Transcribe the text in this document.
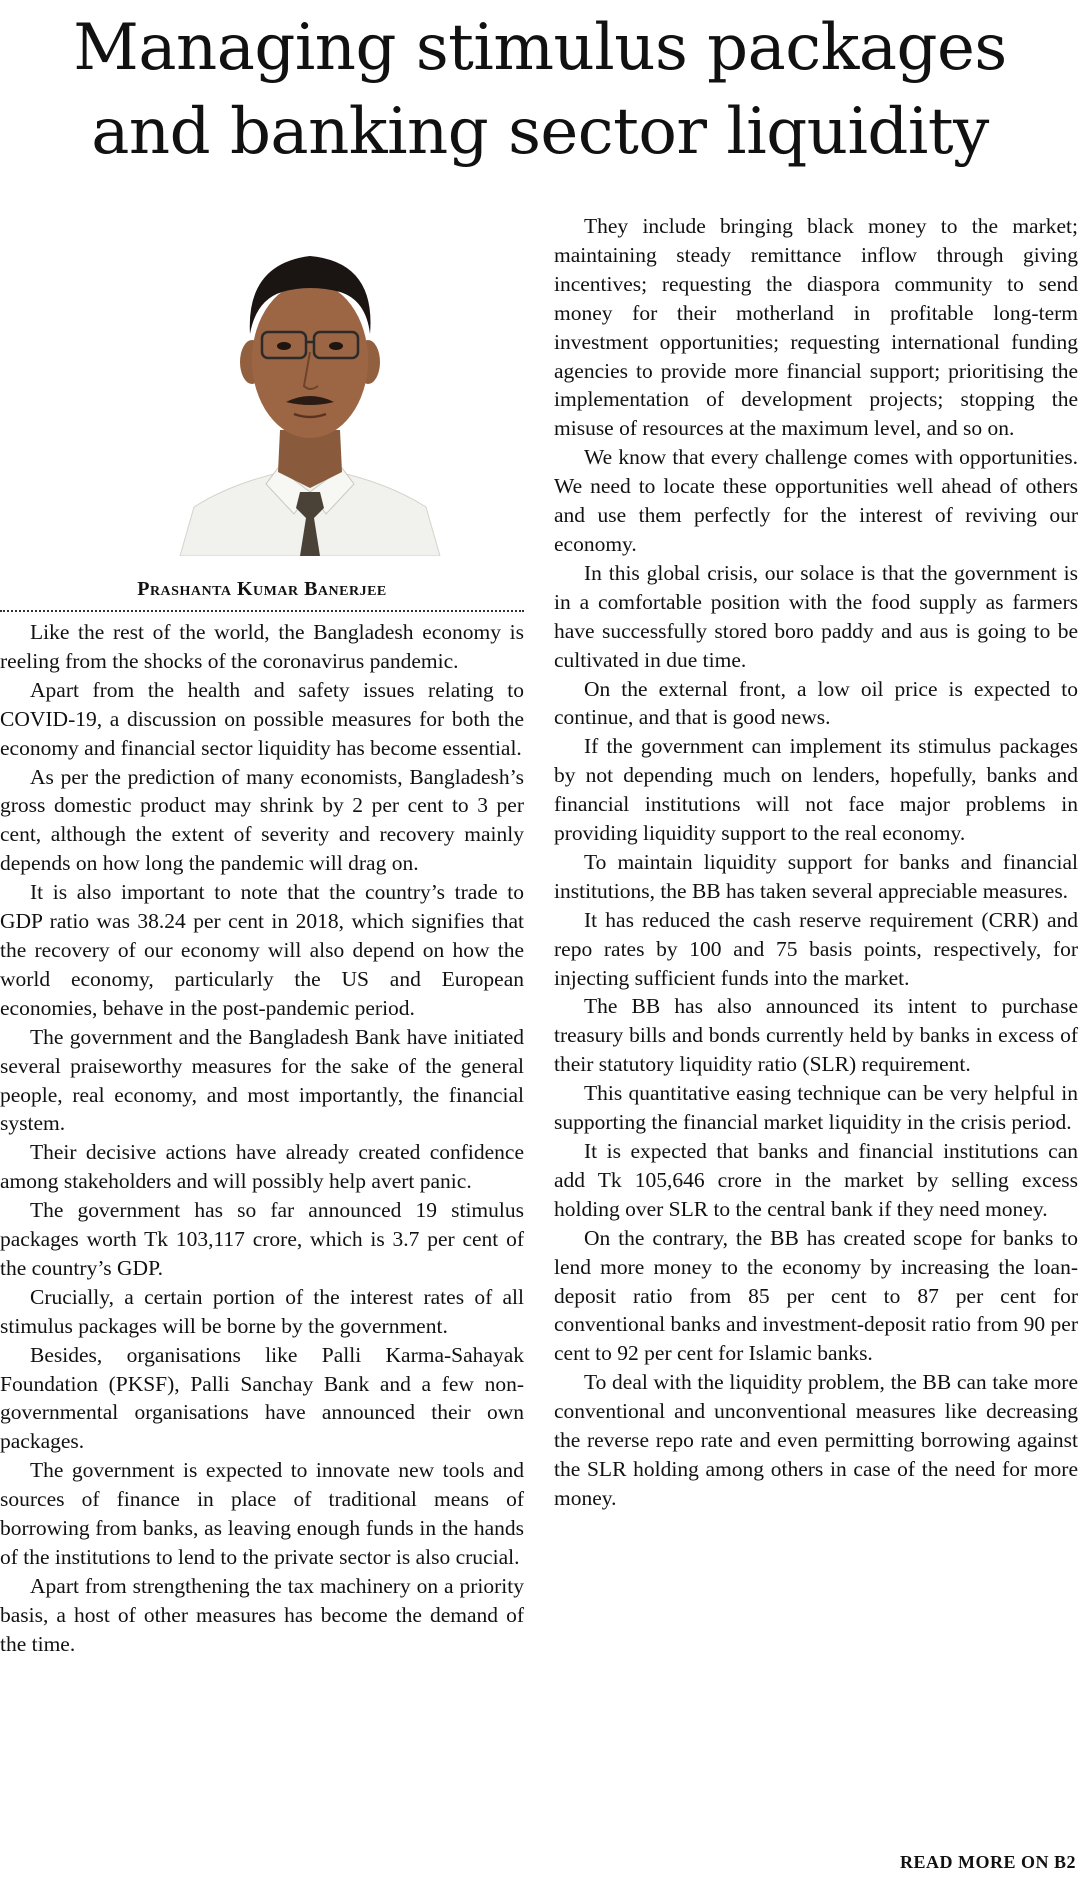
Managing stimulus packages
and banking sector liquidity
Prashanta Kumar Banerjee

Like the rest of the world, the Bangladesh economy is reeling from the shocks of the coronavirus pandemic.

Apart from the health and safety issues relating to COVID-19, a discussion on possible measures for both the economy and financial sector liquidity has become essential.

As per the prediction of many economists, Bangladesh’s gross domestic product may shrink by 2 per cent to 3 per cent, although the extent of severity and recovery mainly depends on how long the pandemic will drag on.

It is also important to note that the country’s trade to GDP ratio was 38.24 per cent in 2018, which signifies that the recovery of our economy will also depend on how the world economy, particularly the US and European economies, behave in the post-pandemic period.

The government and the Bangladesh Bank have initiated several praiseworthy measures for the sake of the general people, real economy, and most importantly, the financial system.

Their decisive actions have already created confidence among stakeholders and will possibly help avert panic.

The government has so far announced 19 stimulus packages worth Tk 103,117 crore, which is 3.7 per cent of the country’s GDP.

Crucially, a certain portion of the interest rates of all stimulus packages will be borne by the government.

Besides, organisations like Palli Karma-Sahayak Foundation (PKSF), Palli Sanchay Bank and a few non-governmental organisations have announced their own packages.

The government is expected to innovate new tools and sources of finance in place of traditional means of borrowing from banks, as leaving enough funds in the hands of the institutions to lend to the private sector is also crucial.

Apart from strengthening the tax machinery on a priority basis, a host of other measures has become the demand of the time.

They include bringing black money to the market; maintaining steady remittance inflow through giving incentives; requesting the diaspora community to send money for their motherland in profitable long-term investment opportunities; requesting international funding agencies to provide more financial support; prioritising the implementation of development projects; stopping the misuse of resources at the maximum level, and so on.

We know that every challenge comes with opportunities. We need to locate these opportunities well ahead of others and use them perfectly for the interest of reviving our economy.

In this global crisis, our solace is that the government is in a comfortable position with the food supply as farmers have successfully stored boro paddy and aus is going to be cultivated in due time.

On the external front, a low oil price is expected to continue, and that is good news.

If the government can implement its stimulus packages by not depending much on lenders, hopefully, banks and financial institutions will not face major problems in providing liquidity support to the real economy.

To maintain liquidity support for banks and financial institutions, the BB has taken several appreciable measures.

It has reduced the cash reserve requirement (CRR) and repo rates by 100 and 75 basis points, respectively, for injecting sufficient funds into the market.

The BB has also announced its intent to purchase treasury bills and bonds currently held by banks in excess of their statutory liquidity ratio (SLR) requirement.

This quantitative easing technique can be very helpful in supporting the financial market liquidity in the crisis period.

It is expected that banks and financial institutions can add Tk 105,646 crore in the market by selling excess holding over SLR to the central bank if they need money.

On the contrary, the BB has created scope for banks to lend more money to the economy by increasing the loan-deposit ratio from 85 per cent to 87 per cent for conventional banks and investment-deposit ratio from 90 per cent to 92 per cent for Islamic banks.

To deal with the liquidity problem, the BB can take more conventional and unconventional measures like decreasing the reverse repo rate and even permitting borrowing against the SLR holding among others in case of the need for more money.

READ MORE ON B2
